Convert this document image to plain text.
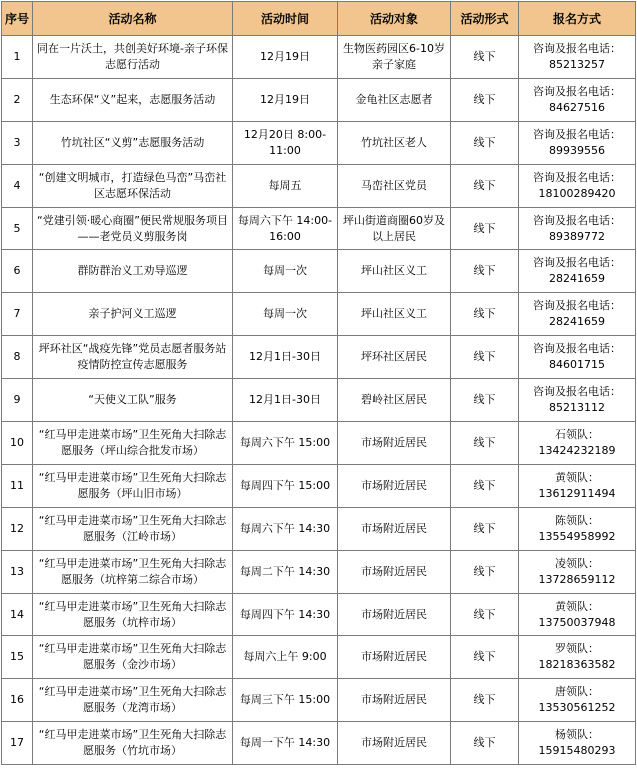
序号	活动名称	活动时间	活动对象	活动形式	报名方式
1	同在一片沃土，共创美好环境-亲子环保志愿行活动	12月19日	生物医药园区6-10岁亲子家庭	线下	咨询及报名电话：85213257
2	生态环保“义”起来，志愿服务活动	12月19日	金龟社区志愿者	线下	咨询及报名电话：84627516
3	竹坑社区“义剪”志愿服务活动	12月20日 8:00-11:00	竹坑社区老人	线下	咨询及报名电话：89939556
4	“创建文明城市，打造绿色马峦”马峦社区志愿环保活动	每周五	马峦社区党员	线下	咨询及报名电话：18100289420
5	“党建引领·暖心商圈”便民常规服务项目——老党员义剪服务岗	每周六下午 14:00-16:00	坪山街道商圈60岁及以上居民	线下	咨询及报名电话：89389772
6	群防群治义工劝导巡逻	每周一次	坪山社区义工	线下	咨询及报名电话：28241659
7	亲子护河义工巡逻	每周一次	坪山社区义工	线下	咨询及报名电话：28241659
8	坪环社区“战疫先锋”党员志愿者服务站疫情防控宣传志愿服务	12月1日-30日	坪环社区居民	线下	咨询及报名电话：84601715
9	“天使义工队”服务	12月1日-30日	碧岭社区居民	线下	咨询及报名电话：85213112
10	“红马甲走进菜市场”卫生死角大扫除志愿服务（坪山综合批发市场）	每周六下午 15:00	市场附近居民	线下	石领队：13424232189
11	“红马甲走进菜市场”卫生死角大扫除志愿服务（坪山旧市场）	每周四下午 15:00	市场附近居民	线下	黄领队：13612911494
12	“红马甲走进菜市场”卫生死角大扫除志愿服务（江岭市场）	每周六下午 14:30	市场附近居民	线下	陈领队：13554958992
13	“红马甲走进菜市场”卫生死角大扫除志愿服务（坑梓第二综合市场）	每周二下午 14:30	市场附近居民	线下	凌领队：13728659112
14	“红马甲走进菜市场”卫生死角大扫除志愿服务（坑梓市场）	每周四下午 14:30	市场附近居民	线下	黄领队：13750037948
15	“红马甲走进菜市场”卫生死角大扫除志愿服务（金沙市场）	每周六上午 9:00	市场附近居民	线下	罗领队：18218363582
16	“红马甲走进菜市场”卫生死角大扫除志愿服务（龙湾市场）	每周三下午 15:00	市场附近居民	线下	唐领队：13530561252
17	“红马甲走进菜市场”卫生死角大扫除志愿服务（竹坑市场）	每周一下午 14:30	市场附近居民	线下	杨领队：15915480293
